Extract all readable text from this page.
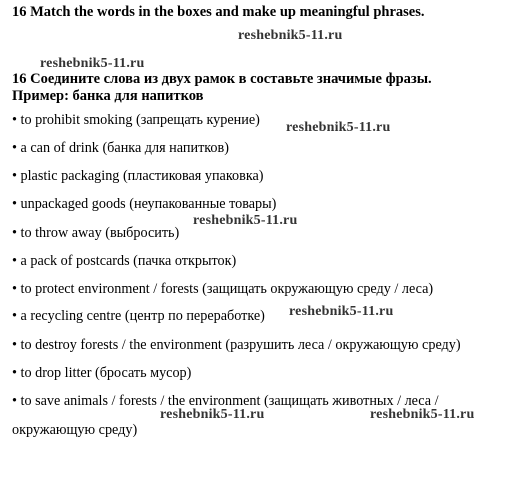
16 Match the words in the boxes and make up meaningful phrases.
reshebnik5-11.ru
reshebnik5-11.ru
16 Соедините слова из двух рамок в составьте значимые фразы.
Пример: банка для напитков
• to prohibit smoking (запрещать курение) reshebnik5-11.ru
• a can of drink (банка для напитков)
• plastic packaging (пластиковая упаковка)
• unpackaged goods (неупакованные товары)
reshebnik5-11.ru
• to throw away (выбросить)
• a pack of postcards (пачка открыток)
• to protect environment / forests (защищать окружающую среду / леса)
• a recycling centre (центр по переработке) reshebnik5-11.ru
• to destroy forests / the environment (разрушить леса / окружающую среду)
• to drop litter (бросать мусор)
• to save animals / forests / the environment (защищать животных / леса /
reshebnik5-11.ru	reshebnik5-11.ru
окружающую среду)
